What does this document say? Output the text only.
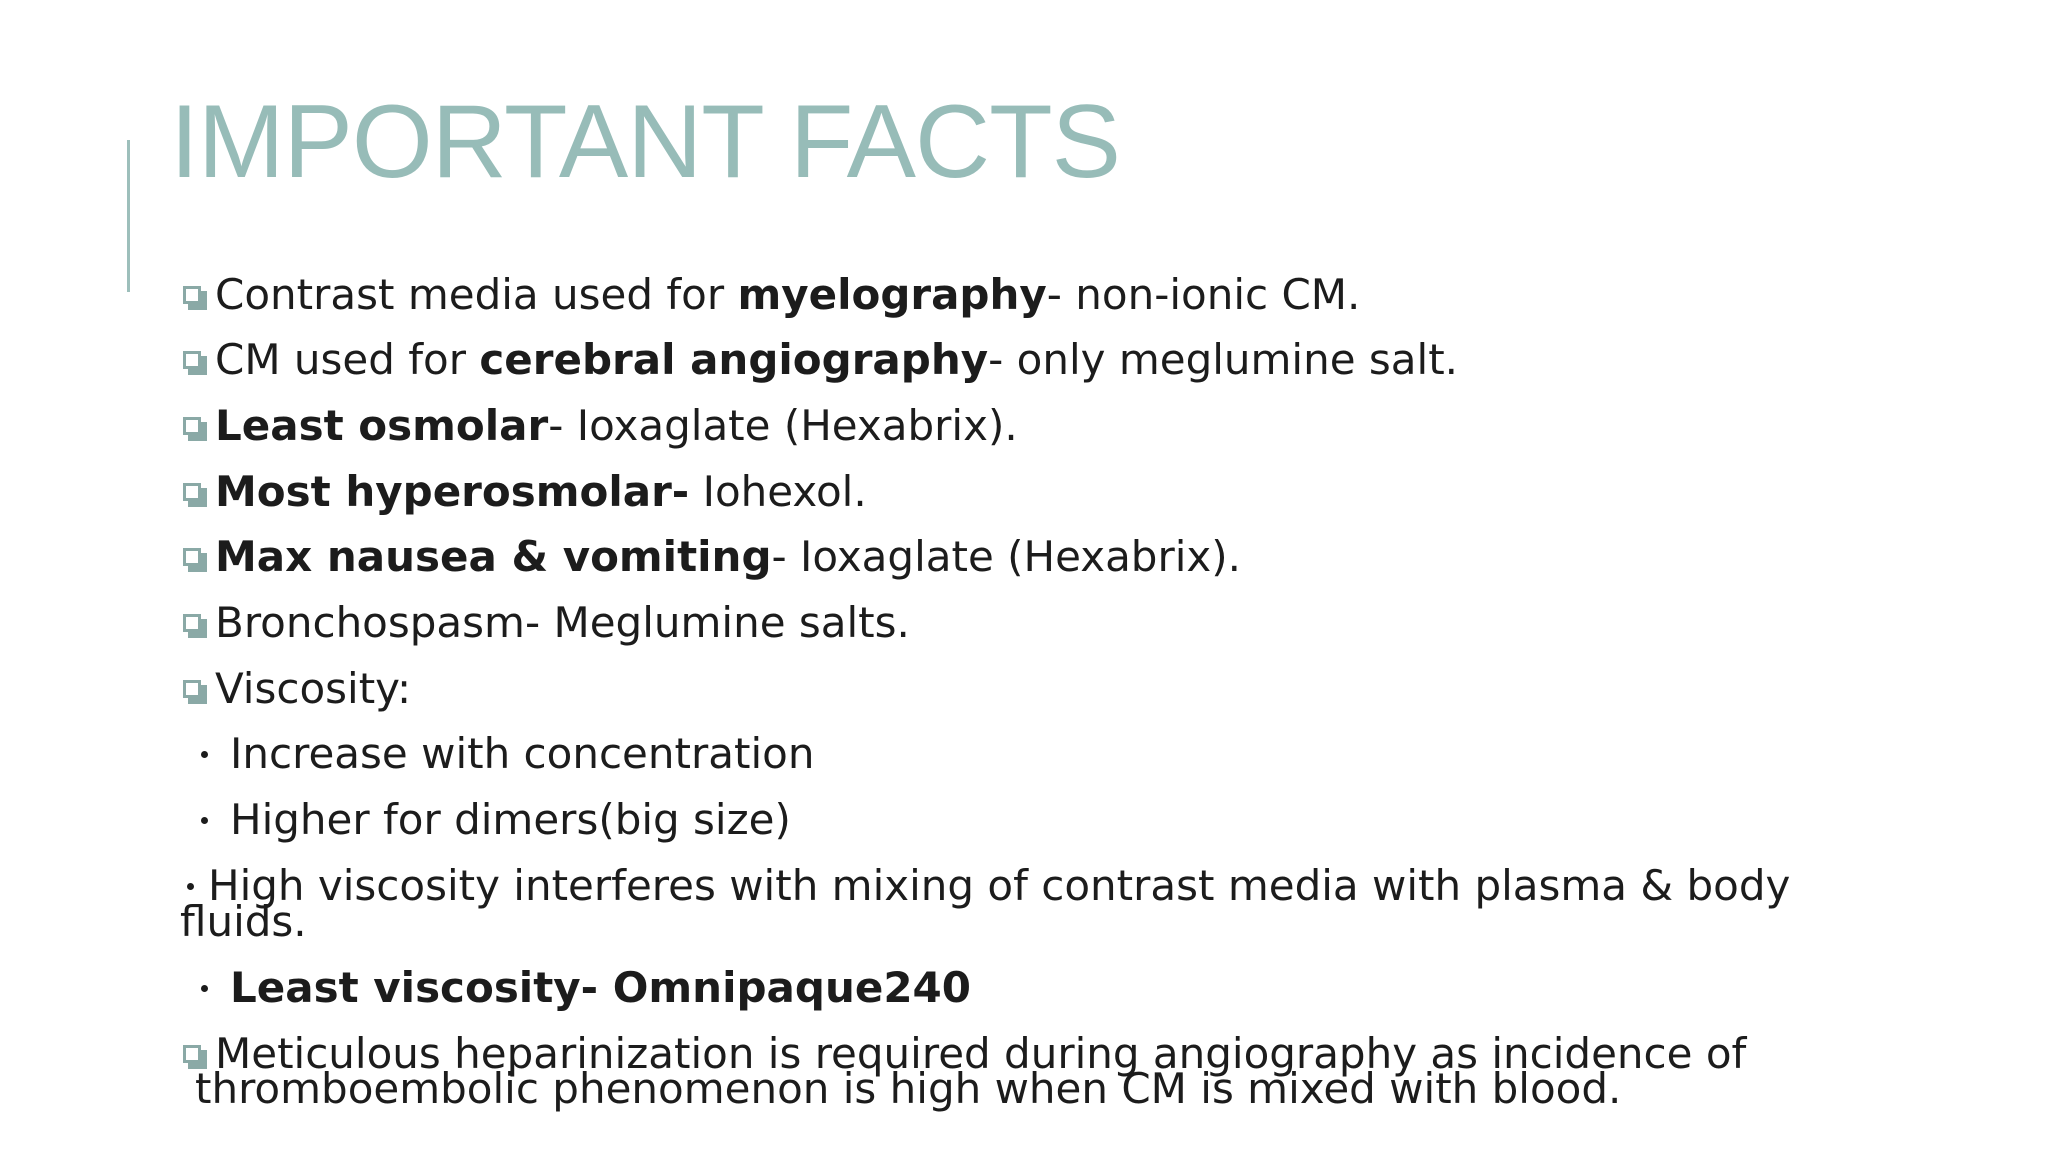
IMPORTANT FACTS
Contrast media used for myelography- non-ionic CM.
CM used for cerebral angiography- only meglumine salt.
Least osmolar- Ioxaglate (Hexabrix).
Most hyperosmolar- Iohexol.
Max nausea & vomiting- Ioxaglate (Hexabrix).
Bronchospasm- Meglumine salts.
Viscosity:
Increase with concentration
Higher for dimers(big size)
High viscosity interferes with mixing of contrast media with plasma & body
fluids.
Least viscosity- Omnipaque240
Meticulous heparinization is required during angiography as incidence of
thromboembolic phenomenon is high when CM is mixed with blood.
